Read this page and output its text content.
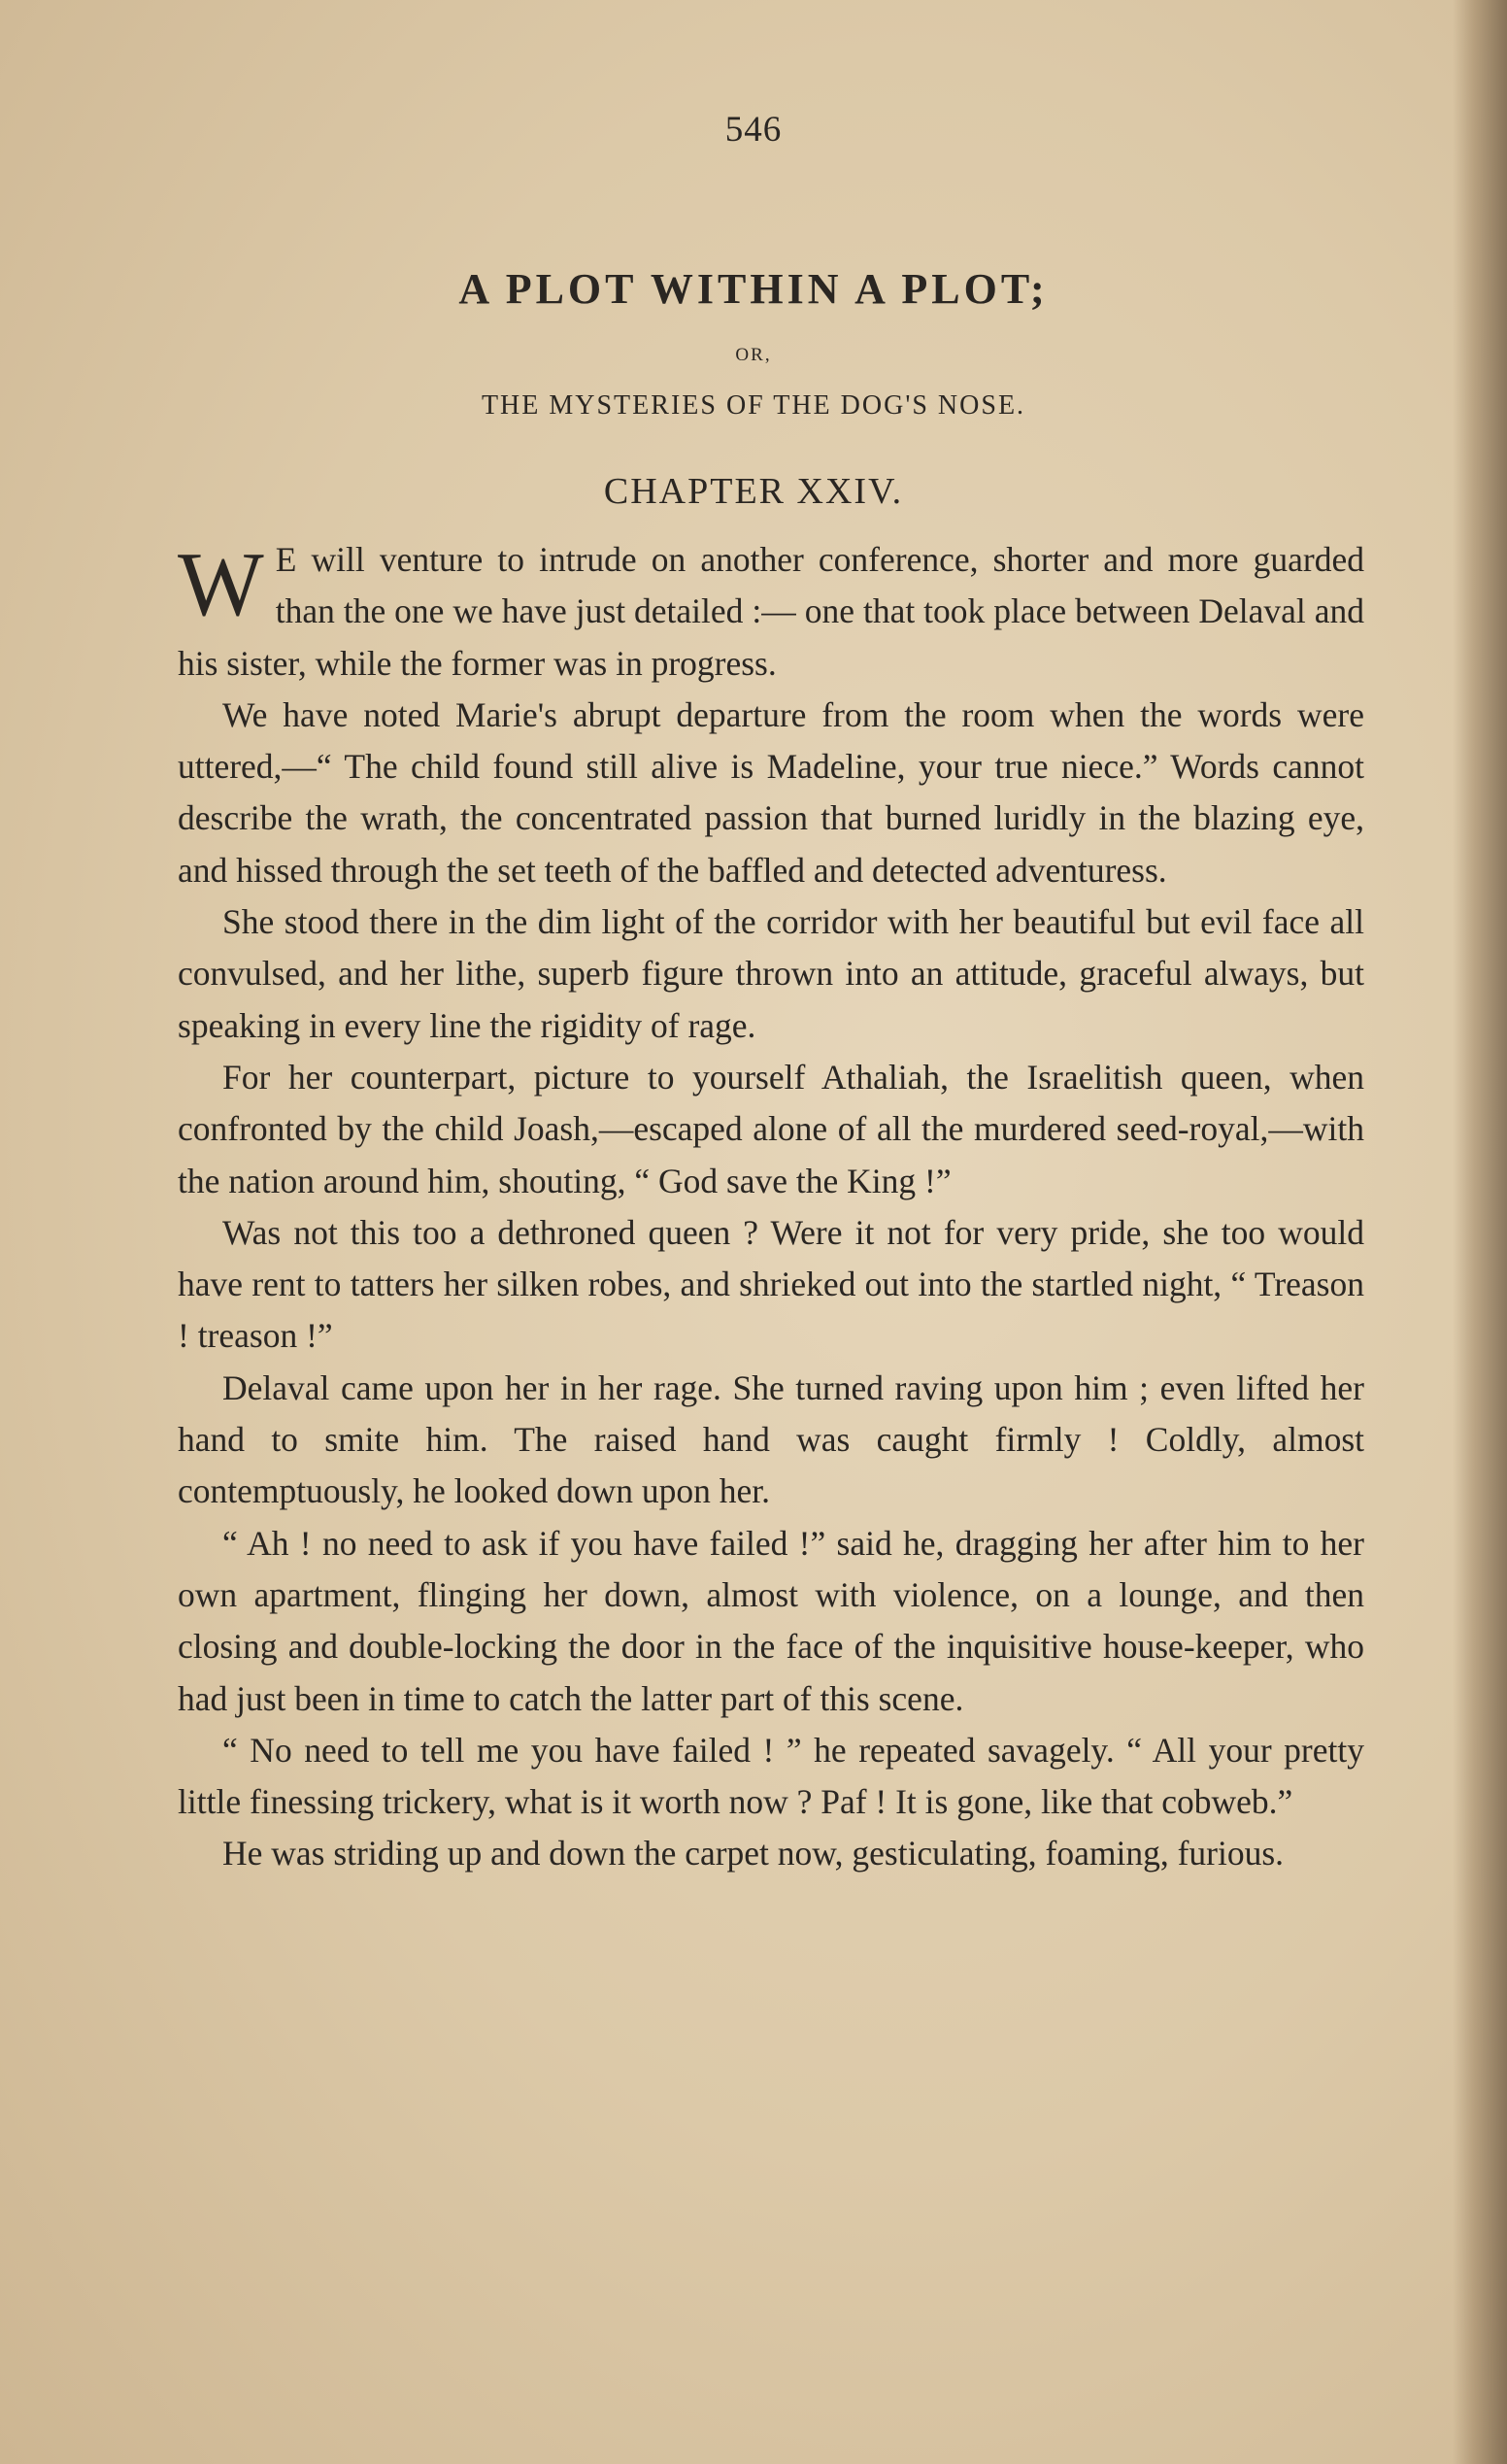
546
A PLOT WITHIN A PLOT;
OR,
THE MYSTERIES OF THE DOG'S NOSE.
CHAPTER XXIV.

W E will venture to intrude on another conference, shorter and more guarded than the one we have just detailed :— one that took place between Delaval and his sister, while the former was in progress.

We have noted Marie's abrupt departure from the room when the words were uttered,—“ The child found still alive is Madeline, your true niece.” Words cannot describe the wrath, the concentrated passion that burned luridly in the blazing eye, and hissed through the set teeth of the baffled and detected adventuress.

She stood there in the dim light of the corridor with her beautiful but evil face all convulsed, and her lithe, superb figure thrown into an attitude, graceful always, but speaking in every line the rigidity of rage.

For her counterpart, picture to yourself Athaliah, the Israelitish queen, when confronted by the child Joash,—escaped alone of all the murdered seed-royal,—with the nation around him, shouting, “ God save the King !”

Was not this too a dethroned queen ? Were it not for very pride, she too would have rent to tatters her silken robes, and shrieked out into the startled night, “ Treason ! treason !”

Delaval came upon her in her rage. She turned raving upon him ; even lifted her hand to smite him. The raised hand was caught firmly ! Coldly, almost contemptuously, he looked down upon her.

“ Ah ! no need to ask if you have failed !” said he, dragging her after him to her own apartment, flinging her down, almost with violence, on a lounge, and then closing and double-locking the door in the face of the inquisitive house-keeper, who had just been in time to catch the latter part of this scene.

“ No need to tell me you have failed ! ” he repeated savagely. “ All your pretty little finessing trickery, what is it worth now ? Paf ! It is gone, like that cobweb.”

He was striding up and down the carpet now, gesticulating, foaming, furious.
